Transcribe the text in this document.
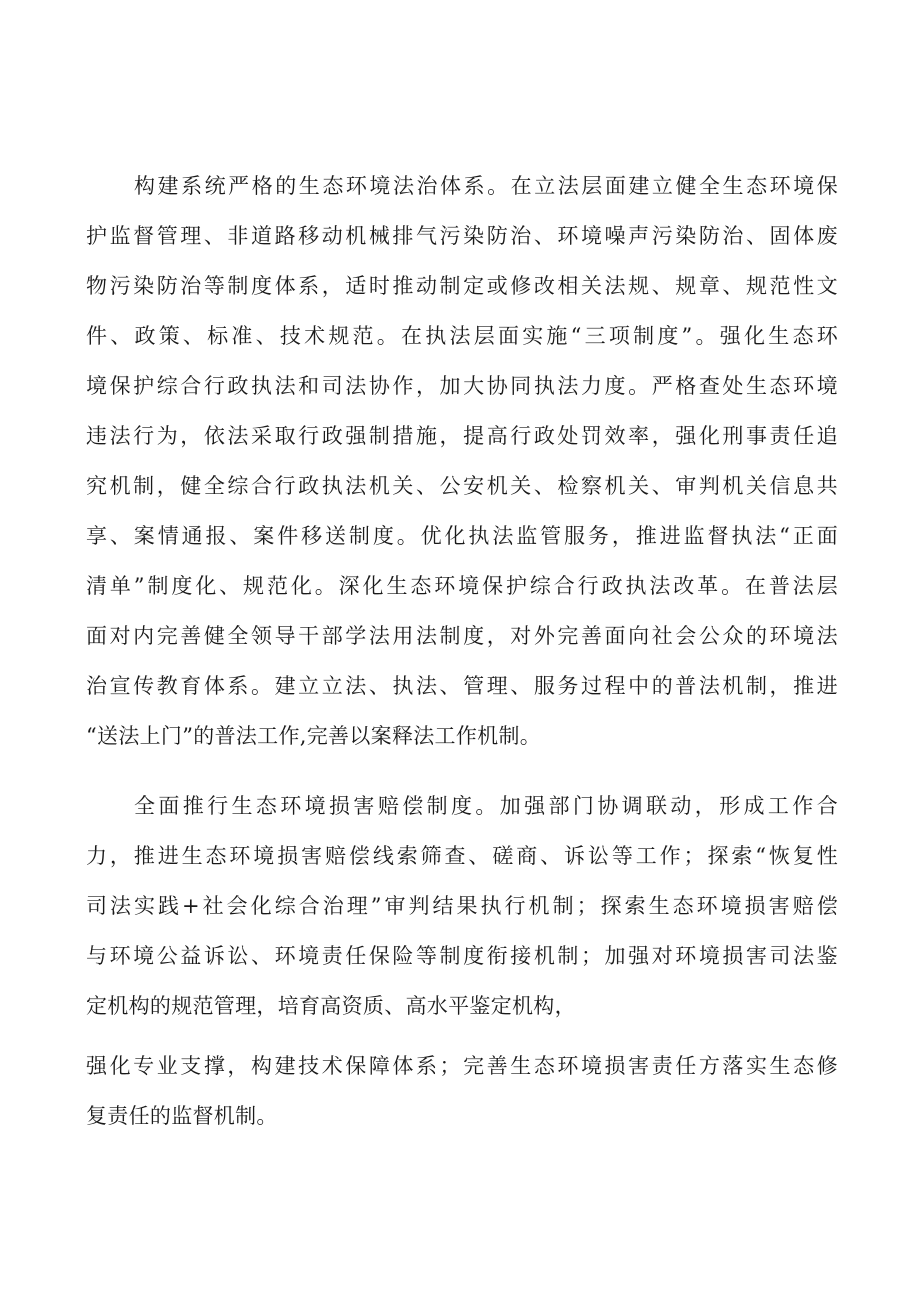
构建系统严格的生态环境法治体系。在立法层面建立健全生态环境保

护监督管理、非道路移动机械排气污染防治、环境噪声污染防治、固体废

物污染防治等制度体系，适时推动制定或修改相关法规、规章、规范性文

件、政策、标准、技术规范。在执法层面实施“三项制度”。强化生态环

境保护综合行政执法和司法协作，加大协同执法力度。严格查处生态环境

违法行为，依法采取行政强制措施，提高行政处罚效率，强化刑事责任追

究机制，健全综合行政执法机关、公安机关、检察机关、审判机关信息共

享、案情通报、案件移送制度。优化执法监管服务，推进监督执法“正面

清单”制度化、规范化。深化生态环境保护综合行政执法改革。在普法层

面对内完善健全领导干部学法用法制度，对外完善面向社会公众的环境法

治宣传教育体系。建立立法、执法、管理、服务过程中的普法机制，推进

“送法上门”的普法工作,完善以案释法工作机制。

全面推行生态环境损害赔偿制度。加强部门协调联动，形成工作合

力，推进生态环境损害赔偿线索筛查、磋商、诉讼等工作；探索“恢复性

司法实践+社会化综合治理”审判结果执行机制；探索生态环境损害赔偿

与环境公益诉讼、环境责任保险等制度衔接机制；加强对环境损害司法鉴

定机构的规范管理，培育高资质、高水平鉴定机构，

强化专业支撑，构建技术保障体系；完善生态环境损害责任方落实生态修

复责任的监督机制。
